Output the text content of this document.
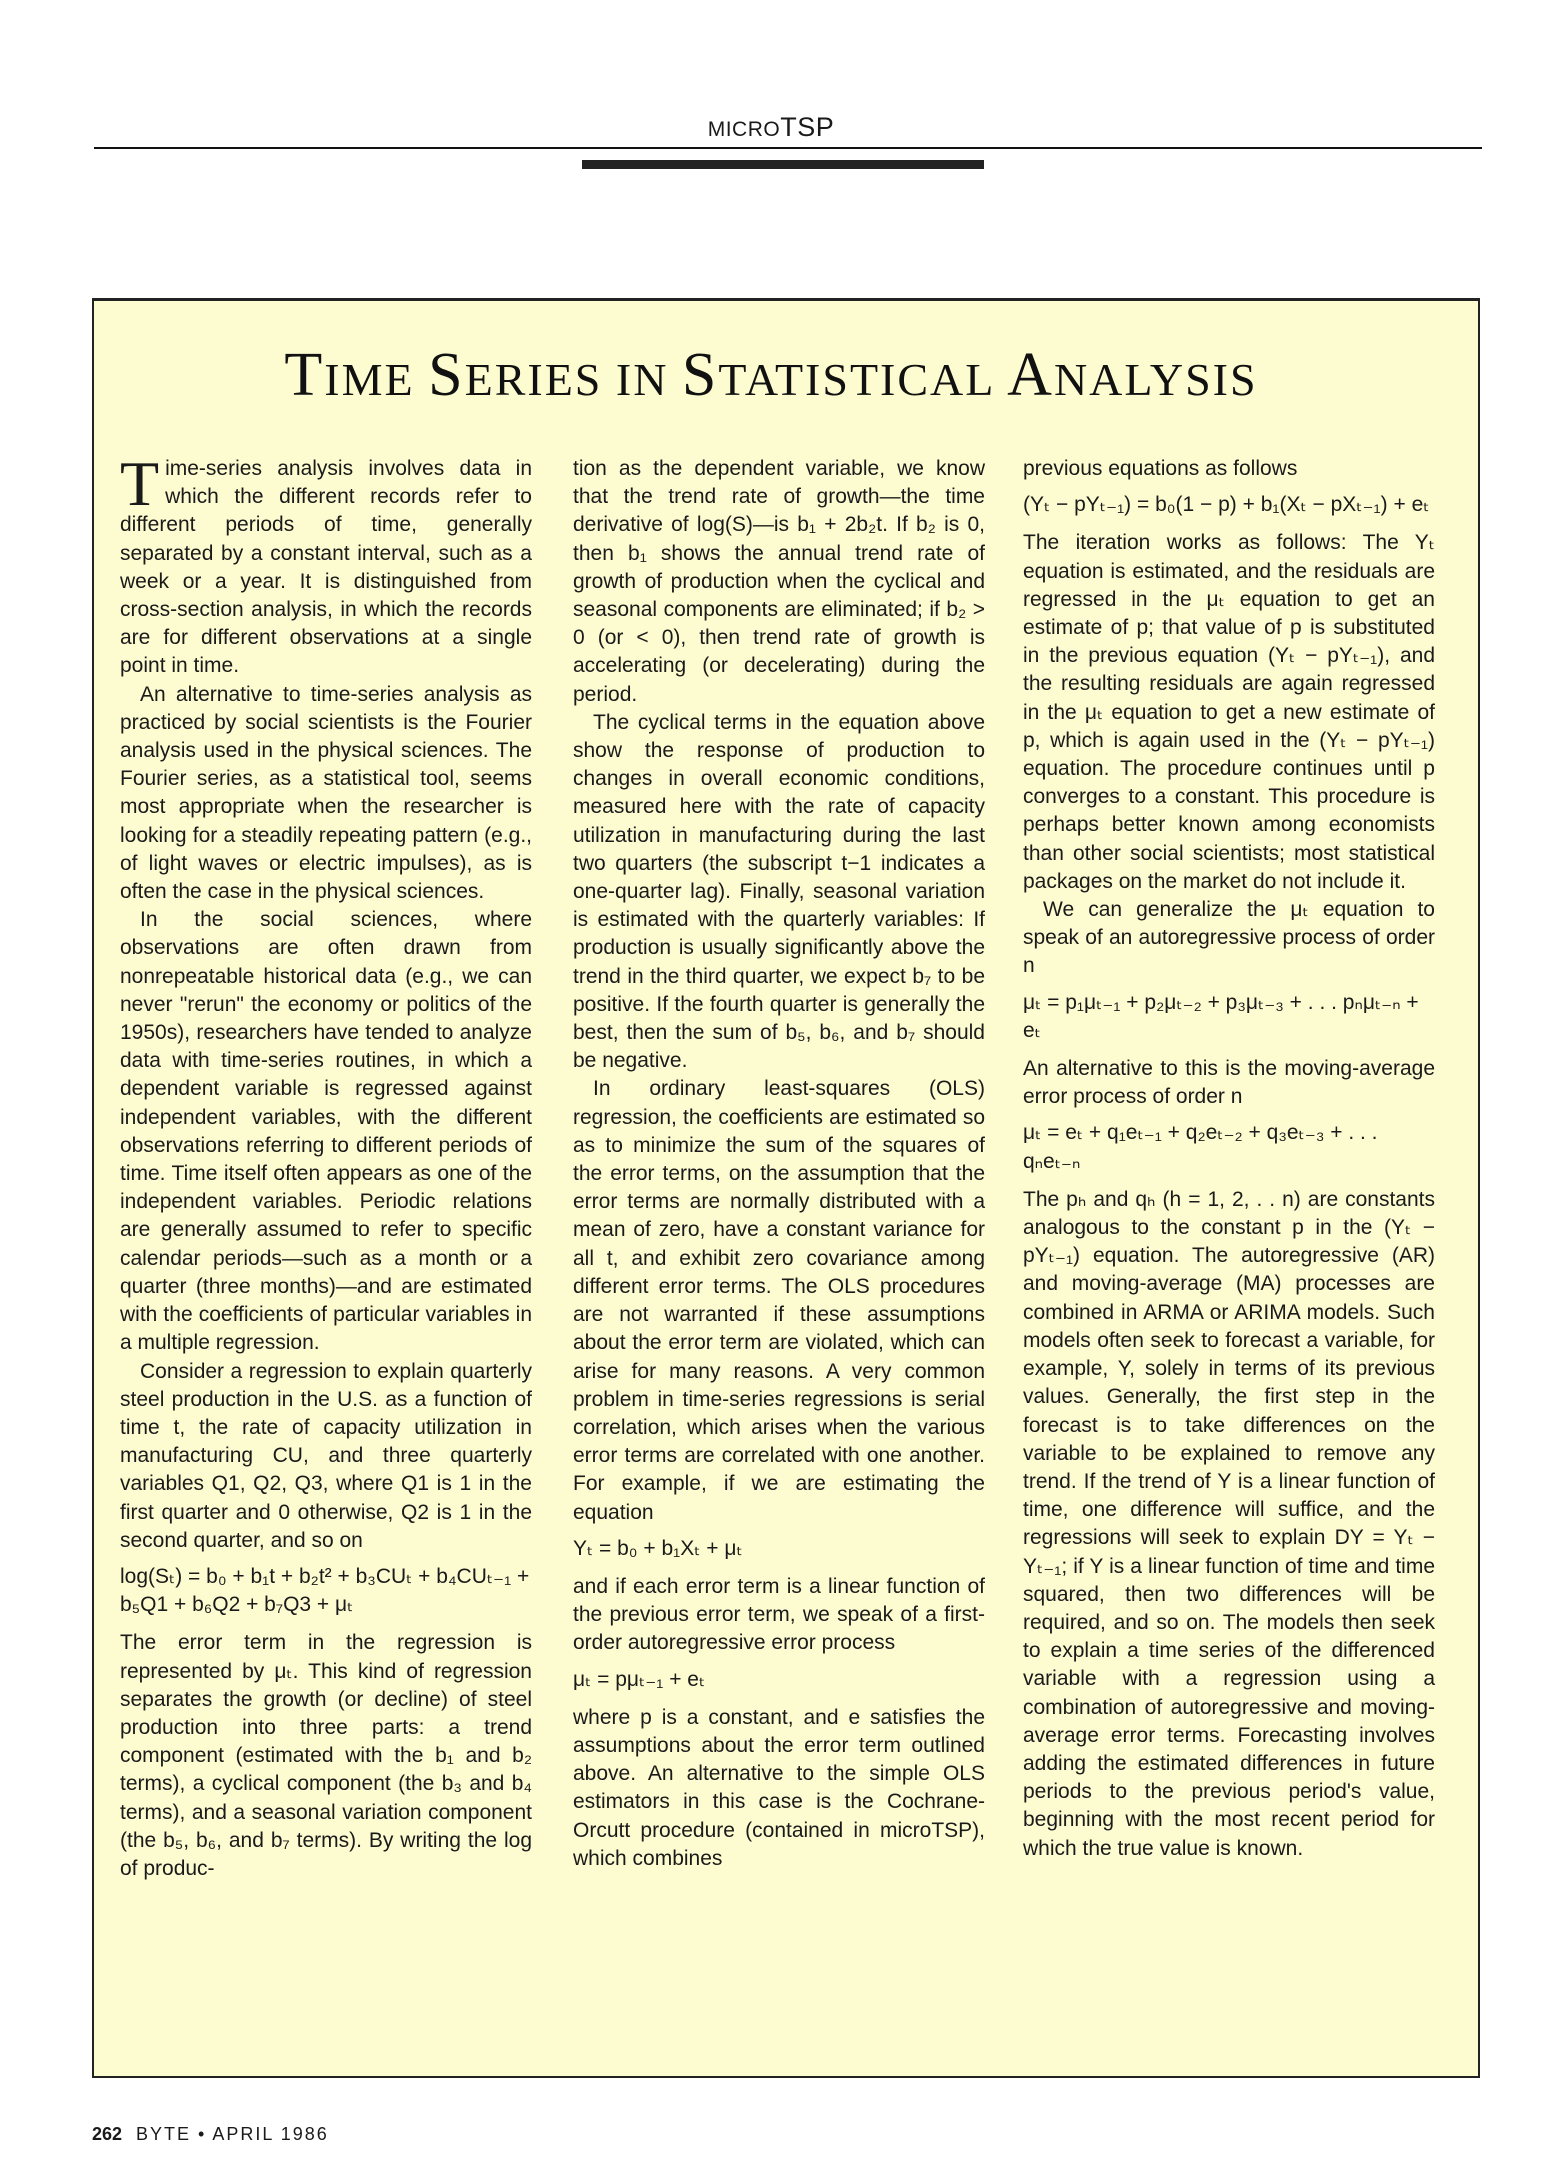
MICROTSP
TIME SERIES IN STATISTICAL ANALYSIS

Time-series analysis involves data in which the different records refer to different periods of time, generally separated by a constant interval, such as a week or a year. It is distinguished from cross-section analysis, in which the records are for different observations at a single point in time.

An alternative to time-series analysis as practiced by social scientists is the Fourier analysis used in the physical sciences. The Fourier series, as a statistical tool, seems most appropriate when the researcher is looking for a steadily repeating pattern (e.g., of light waves or electric impulses), as is often the case in the physical sciences.

In the social sciences, where observations are often drawn from nonrepeatable historical data (e.g., we can never "rerun" the economy or politics of the 1950s), researchers have tended to analyze data with time-series routines, in which a dependent variable is regressed against independent variables, with the different observations referring to different periods of time. Time itself often appears as one of the independent variables. Periodic relations are generally assumed to refer to specific calendar periods—such as a month or a quarter (three months)—and are estimated with the coefficients of particular variables in a multiple regression.

Consider a regression to explain quarterly steel production in the U.S. as a function of time t, the rate of capacity utilization in manufacturing CU, and three quarterly variables Q1, Q2, Q3, where Q1 is 1 in the first quarter and 0 otherwise, Q2 is 1 in the second quarter, and so on

log(Sₜ) = b₀ + b₁t + b₂t² + b₃CUₜ + b₄CUₜ₋₁ + b₅Q1 + b₆Q2 + b₇Q3 + μₜ

The error term in the regression is represented by μₜ. This kind of regression separates the growth (or decline) of steel production into three parts: a trend component (estimated with the b₁ and b₂ terms), a cyclical component (the b₃ and b₄ terms), and a seasonal variation component (the b₅, b₆, and b₇ terms). By writing the log of produc-

tion as the dependent variable, we know that the trend rate of growth—the time derivative of log(S)—is b₁ + 2b₂t. If b₂ is 0, then b₁ shows the annual trend rate of growth of production when the cyclical and seasonal components are eliminated; if b₂ > 0 (or < 0), then trend rate of growth is accelerating (or decelerating) during the period.

The cyclical terms in the equation above show the response of production to changes in overall economic conditions, measured here with the rate of capacity utilization in manufacturing during the last two quarters (the subscript t−1 indicates a one-quarter lag). Finally, seasonal variation is estimated with the quarterly variables: If production is usually significantly above the trend in the third quarter, we expect b₇ to be positive. If the fourth quarter is generally the best, then the sum of b₅, b₆, and b₇ should be negative.

In ordinary least-squares (OLS) regression, the coefficients are estimated so as to minimize the sum of the squares of the error terms, on the assumption that the error terms are normally distributed with a mean of zero, have a constant variance for all t, and exhibit zero covariance among different error terms. The OLS procedures are not warranted if these assumptions about the error term are violated, which can arise for many reasons. A very common problem in time-series regressions is serial correlation, which arises when the various error terms are correlated with one another. For example, if we are estimating the equation

Yₜ = b₀ + b₁Xₜ + μₜ

and if each error term is a linear function of the previous error term, we speak of a first-order autoregressive error process

μₜ = pμₜ₋₁ + eₜ

where p is a constant, and e satisfies the assumptions about the error term outlined above. An alternative to the simple OLS estimators in this case is the Cochrane-Orcutt procedure (contained in microTSP), which combines

previous equations as follows

(Yₜ − pYₜ₋₁) = b₀(1 − p) + b₁(Xₜ − pXₜ₋₁) + eₜ

The iteration works as follows: The Yₜ equation is estimated, and the residuals are regressed in the μₜ equation to get an estimate of p; that value of p is substituted in the previous equation (Yₜ − pYₜ₋₁), and the resulting residuals are again regressed in the μₜ equation to get a new estimate of p, which is again used in the (Yₜ − pYₜ₋₁) equation. The procedure continues until p converges to a constant. This procedure is perhaps better known among economists than other social scientists; most statistical packages on the market do not include it.

We can generalize the μₜ equation to speak of an autoregressive process of order n

μₜ = p₁μₜ₋₁ + p₂μₜ₋₂ + p₃μₜ₋₃ + . . . pₙμₜ₋ₙ + eₜ

An alternative to this is the moving-average error process of order n

μₜ = eₜ + q₁eₜ₋₁ + q₂eₜ₋₂ + q₃eₜ₋₃ + . . . qₙeₜ₋ₙ

The pₕ and qₕ (h = 1, 2, . . n) are constants analogous to the constant p in the (Yₜ − pYₜ₋₁) equation. The autoregressive (AR) and moving-average (MA) processes are combined in ARMA or ARIMA models. Such models often seek to forecast a variable, for example, Y, solely in terms of its previous values. Generally, the first step in the forecast is to take differences on the variable to be explained to remove any trend. If the trend of Y is a linear function of time, one difference will suffice, and the regressions will seek to explain DY = Yₜ − Yₜ₋₁; if Y is a linear function of time and time squared, then two differences will be required, and so on. The models then seek to explain a time series of the differenced variable with a regression using a combination of autoregressive and moving-average error terms. Forecasting involves adding the estimated differences in future periods to the previous period's value, beginning with the most recent period for which the true value is known.

262 BYTE • APRIL 1986
